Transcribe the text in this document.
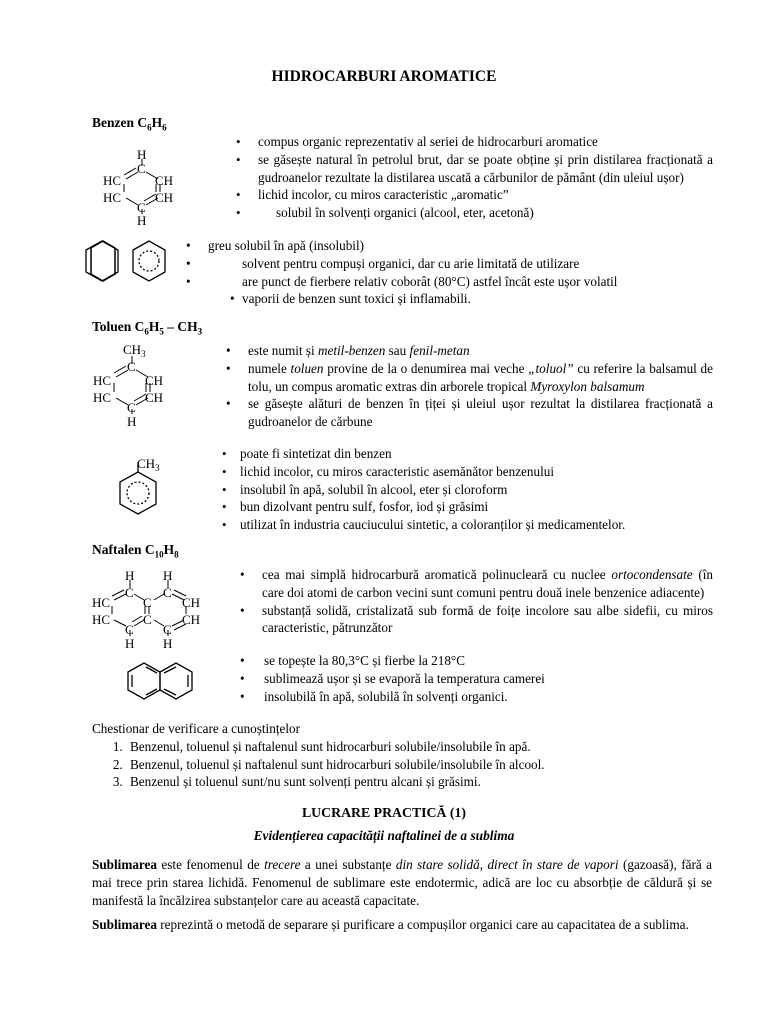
HIDROCARBURI AROMATICE
Benzen $C_6H_6$
H
C
HC	CH
HC	CH
C
H
• compus organic reprezentativ al seriei de hidrocarburi aromatice
• se găsește natural în petrolul brut, dar se poate obține și prin distilarea fracționată a gudroanelor rezultate la distilarea uscată a cărbunilor de pământ (din uleiul ușor)
• lichid incolor, cu miros caracteristic „aromatic”
• solubil în solvenți organici (alcool, eter, acetonă)
• greu solubil în apă (insolubil)
•	solvent pentru compuși organici, dar cu arie limitată de utilizare
•	are punct de fierbere relativ coborât (80°C) astfel încât este ușor volatil
• vaporii de benzen sunt toxici și inflamabili.
Toluen $C_6H_5 - CH_3$
$CH_3$
C
HC	CH
HC	CH
C
H
$CH_3$
• este numit și metil-benzen sau fenil-metan
• numele toluen provine de la o denumirea mai veche „toluol” cu referire la balsamul de tolu, un compus aromatic extras din arborele tropical Myroxylon balsamum
• se găsește alături de benzen în țiței și uleiul ușor rezultat la distilarea fracționată a gudroanelor de cărbune
• poate fi sintetizat din benzen
• lichid incolor, cu miros caracteristic asemănător benzenului
• insolubil în apă, solubil în alcool, eter și cloroform
• bun dizolvant pentru sulf, fosfor, iod și grăsimi
• utilizat în industria cauciucului sintetic, a coloranților și medicamentelor.
Naftalen $C_{10}H_8$
H H
C C
HC	C CH
HC	C CH
C C
H H
• cea mai simplă hidrocarbură aromatică polinucleară cu nuclee ortocondensate (în care doi atomi de carbon vecini sunt comuni pentru două inele benzenice adiacente)
• substanță solidă, cristalizată sub formă de foițe incolore sau albe sidefii, cu miros caracteristic, pătrunzător
• se topește la 80,3°C și fierbe la 218°C
• sublimează ușor și se evaporă la temperatura camerei
• insolubilă în apă, solubilă în solvenți organici.
Chestionar de verificare a cunoștințelor
1. Benzenul, toluenul și naftalenul sunt hidrocarburi solubile/insolubile în apă.
2. Benzenul, toluenul și naftalenul sunt hidrocarburi solubile/insolubile în alcool.
3. Benzenul și toluenul sunt/nu sunt solvenți pentru alcani și grăsimi.
LUCRARE PRACTICĂ (1)
Evidențierea capacității naftalinei de a sublima
Sublimarea este fenomenul de trecere a unei substanțe din stare solidă, direct în stare de vapori (gazoasă), fără a mai trece prin starea lichidă. Fenomenul de sublimare este endotermic, adică are loc cu absorbție de căldură și se manifestă la încălzirea substanțelor care au această capacitate.
Sublimarea reprezintă o metodă de separare și purificare a compușilor organici care au capacitatea de a sublima.
